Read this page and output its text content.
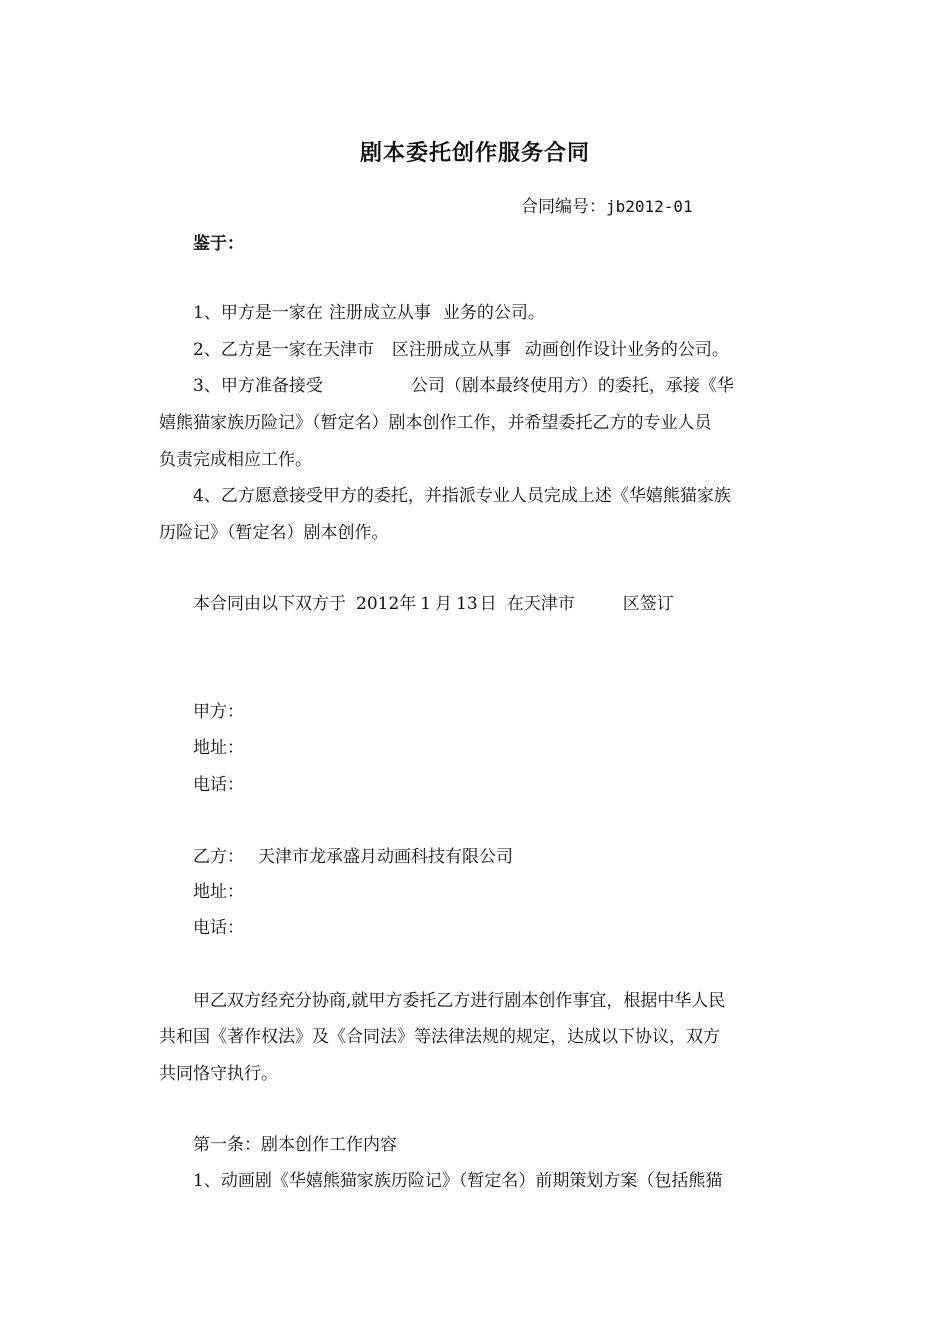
剧本委托创作服务合同
合同编号：jb2012-01
鉴于：
1、甲方是一家在 注册成立从事 业务的公司。
2、乙方是一家在天津市 区注册成立从事 动画创作设计业务的公司。
3、甲方准备接受	公司（剧本最终使用方）的委托，承接《华
嬉熊猫家族历险记》（暂定名）剧本创作工作，并希望委托乙方的专业人员
负责完成相应工作。
4、乙方愿意接受甲方的委托，并指派专业人员完成上述《华嬉熊猫家族
历险记》（暂定名）剧本创作。
本合同由以下双方于 2012年 1 月 13 日 在天津市	区签订
甲方：
地址：
电话：
乙方： 天津市龙承盛月动画科技有限公司
地址：
电话：
甲乙双方经充分协商,就甲方委托乙方进行剧本创作事宜，根据中华人民
共和国《著作权法》及《合同法》等法律法规的规定，达成以下协议，双方
共同恪守执行。
第一条：剧本创作工作内容
1、动画剧《华嬉熊猫家族历险记》（暂定名）前期策划方案（包括熊猫
